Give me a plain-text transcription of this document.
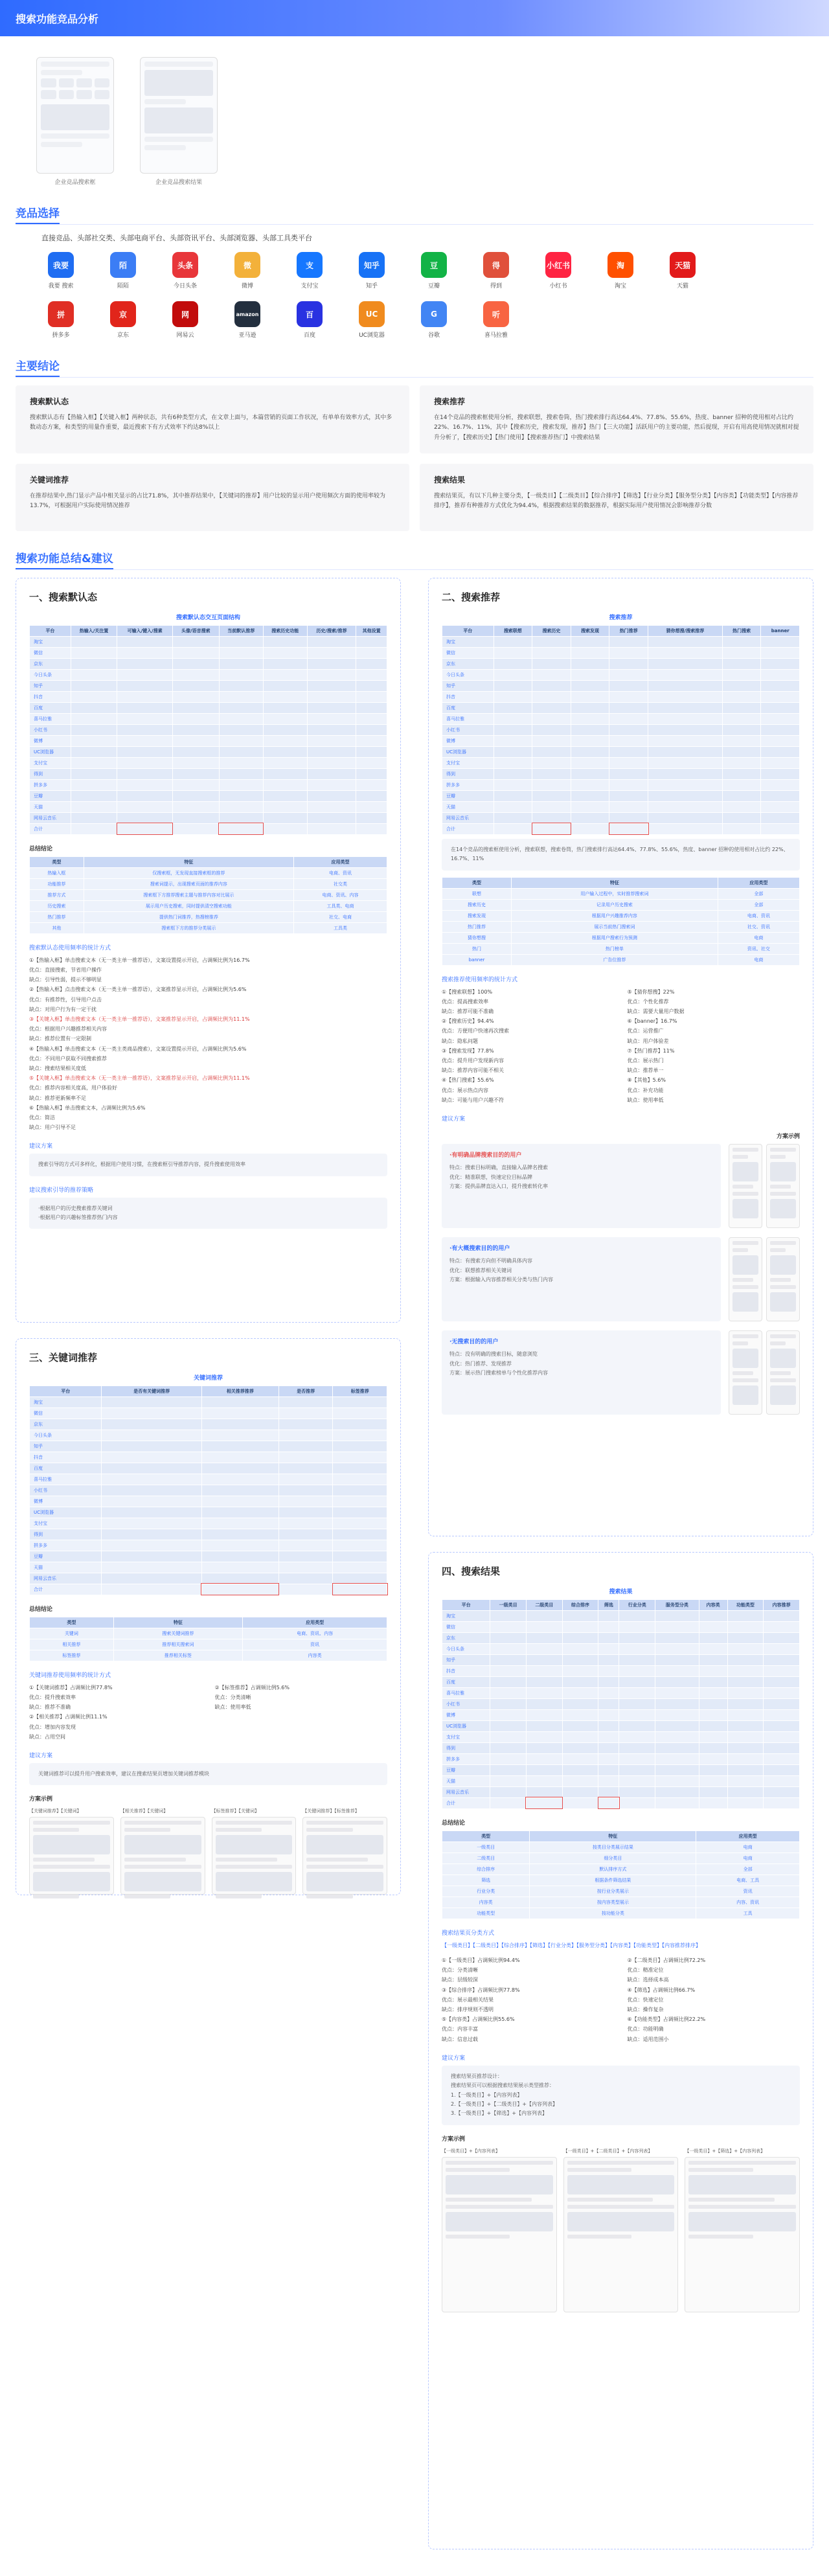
搜索功能竞品分析
企业竞品搜索框	企业竞品搜索结果
竞品选择
直接竞品、头部社交类、头部电商平台、头部资讯平台、头部浏览器、头部工具类平台
我要
我要 搜索
陌
陌陌
头条
今日头条
微
微博
支
支付宝
知乎
知乎
豆
豆瓣
得
得到
小红书
小红书
淘
淘宝
天猫
天猫
拼
拼多多
京
京东
网
网易云
amazon
亚马逊
百
百度
UC
UC浏览器
G
谷歌
听
喜马拉雅
主要结论
搜索默认态

搜索默认态有【热输入框】【关键入框】两种状态，共有6种类型方式，在文章上面与，本篇营销的页面工作状况，有单单有效率方式，其中多数动态方案，和类型的用量作重要，最近搜索下有方式效率下约达8%以上

搜索推荐

在14个竞品的搜索框使用分析，搜索联想，搜索卷筒，热门搜索排行高达64.4%、77.8%、55.6%，热度、banner 招种的使用相对占比约 22%、16.7%、11%，其中【搜索历史，搜索发现，推荐】热门【三大功能】活跃用户的主要功能，然后提现，开启有用高使用情况就相对提升分析了，【搜索历史】【热门使用】【搜索推荐热门】中搜索结果

关键词推荐

在推荐结果中,热门显示产品中相关显示的占比71.8%，其中推荐结果中，【关键词的推荐】用户比较的显示用户使用频次方面的使用率较为13.7%，可根据用户实际使用情况推荐

搜索结果

搜索结果页，有以下几种主要分类，【一级类目】【二级类目】【综合排序】【筛选】【行业分类】【服务型分类】【内容类】【功能类型】【内容推荐排序】，推荐有种推荐方式优化为94.4%，根据搜索结果的数据推荐，根据实际用户使用情况会影响推荐分数

搜索功能总结&建议
一、搜索默认态
搜索默认态交互页面结构
平台	热输入/关注置	可输入/键入/搜素	头像/语音搜索	当前默认推荐	搜索历史功能	历史/搜索/推荐	其他设置
淘宝							
微信							
京东							
今日头条							
知乎							
抖音							
百度							
喜马拉雅							
小红书							
微博							
UC浏览器							
支付宝							
得到							
拼多多							
豆瓣							
天猫							
网易云音乐							
合计							
总结结论
类型	特征	应用类型
热输入框	仅搜索框，无发现直接搜索框的推荐	电商、资讯
功能推荐	搜索词提示，出现搜索页面的推荐内容	社交类
推荐方式	搜索框下方推荐搜索主题与推荐内容对比展示	电商、资讯、内容
历史搜索	展示用户历史搜索，同时提供清空搜索功能	工具类、电商
热门推荐	提供热门词推荐，热搜榜推荐	社交、电商
其他	搜索框下方的推荐分类展示	工具类
搜索默认态使用频率的统计方式
①【热输入框】单击搜索文本（无一类主单一推荐语），文案设置提示开启，占调频比例为16.7%
优点：直接搜索，节省用户操作
缺点：引导性弱，提示不够明显
②【热输入框】点击搜索文本（无一类主单一推荐语），文案推荐显示开启，占调频比例为5.6%
优点：有推荐性，引导用户点击
缺点：对用户行为有一定干扰
③【关键入框】单击搜索文本（无一类主单一推荐语），文案推荐显示开启，占调频比例为11.1%
优点：根据用户兴趣推荐相关内容
缺点：推荐位置有一定限制
④【热输入框】单击搜索文本（无一类主类商品搜索），文案设置提示开启，占调频比例为5.6%
优点：不同用户获取不同搜索推荐
缺点：搜索结果相关度低
⑤【关键入框】单击搜索文本（无一类主单一推荐语），文案推荐显示开启，占调频比例为11.1%
优点：推荐内容相关度高，用户体验好
缺点：推荐更新频率不足
⑥【热输入框】单击搜索文本，占调频比例为5.6%
优点：简洁
缺点：用户引导不足
建议方案
搜索引导的方式可多样化，根据用户使用习惯，在搜索框引导推荐内容，提升搜索使用效率
建议搜索引导的推荐策略
·根据用户的历史搜索推荐关键词
·根据用户的兴趣标签推荐热门内容
三、关键词推荐
关键词推荐
平台	是否有关键词推荐	相关推荐推荐	是否推荐	标签推荐
淘宝				
微信				
京东				
今日头条				
知乎				
抖音				
百度				
喜马拉雅				
小红书				
微博				
UC浏览器				
支付宝				
得到				
拼多多				
豆瓣				
天猫				
网易云音乐				
合计				
总结结论
类型	特征	应用类型
关键词	搜索关键词推荐	电商、资讯、内容
相关推荐	推荐相关搜索词	资讯
标签推荐	推荐相关标签	内容类
关键词推荐使用频率的统计方式
①【关键词推荐】占调频比例77.8%
优点：提升搜索效率
缺点：推荐不准确
②【相关推荐】占调频比例11.1%
优点：增加内容发现
缺点：占用空间
②【标签推荐】占调频比例5.6%
优点：分类清晰
缺点：使用率低
建议方案
关键词推荐可以提升用户搜索效率，建议在搜索结果页增加关键词推荐模块
方案示例
【关键词推荐】【关键词】	【相关推荐】【关键词】	【标签推荐】【关键词】	【关键词推荐】【标签推荐】
二、搜索推荐
搜索推荐
平台	搜索联想	搜索历史	搜索发现	热门推荐	猜你想搜/搜索推荐	热门搜索	banner
淘宝							
微信							
京东							
今日头条							
知乎							
抖音							
百度							
喜马拉雅							
小红书							
微博							
UC浏览器							
支付宝							
得到							
拼多多							
豆瓣							
天猫							
网易云音乐							
合计							
在14个竞品的搜索框使用分析，搜索联想，搜索卷筒，热门搜索排行高达64.4%、77.8%、55.6%，热度、banner 招种的使用相对占比约 22%、16.7%、11%
类型	特征	应用类型
联想	用户输入过程中，实时推荐搜索词	全部
搜索历史	记录用户历史搜索	全部
搜索发现	根据用户兴趣推荐内容	电商、资讯
热门推荐	展示当前热门搜索词	社交、资讯
猜你想搜	根据用户搜索行为预测	电商
热门	热门榜单	资讯、社交
banner	广告位推荐	电商
搜索推荐使用频率的统计方式
①【搜索联想】100%
优点：提高搜索效率
缺点：推荐可能不准确
②【搜索历史】94.4%
优点：方便用户快速再次搜索
缺点：隐私问题
③【搜索发现】77.8%
优点：提升用户发现新内容
缺点：推荐内容可能不相关
④【热门搜索】55.6%
优点：展示热点内容
缺点：可能与用户兴趣不符
⑤【猜你想搜】22%
优点：个性化推荐
缺点：需要大量用户数据
⑥【banner】16.7%
优点：运营推广
缺点：用户体验差
⑦【热门推荐】11%
优点：展示热门
缺点：推荐单一
⑧【其他】5.6%
优点：补充功能
缺点：使用率低
建议方案
方案示例
·有明确品牌搜索目的的用户
特点：搜索目标明确，直接输入品牌名搜索
优化：精准联想，快速定位目标品牌
方案：提供品牌直达入口，提升搜索转化率
·有大概搜索目的的用户
特点：有搜索方向但不明确具体内容
优化：联想推荐相关关键词
方案：根据输入内容推荐相关分类与热门内容
·无搜索目的的用户
特点：没有明确的搜索目标，随意浏览
优化：热门推荐、发现推荐
方案：展示热门搜索榜单与个性化推荐内容
四、搜索结果
搜索结果
平台	一级类目	二级类目	综合排序	筛选	行业分类	服务型分类	内容类	功能类型	内容推荐
淘宝									
微信									
京东									
今日头条									
知乎									
抖音									
百度									
喜马拉雅									
小红书									
微博									
UC浏览器									
支付宝									
得到									
拼多多									
豆瓣									
天猫									
网易云音乐									
合计									
总结结论
类型	特征	应用类型
一级类目	按类目分类展示结果	电商
二级类目	细分类目	电商
综合排序	默认排序方式	全部
筛选	根据条件筛选结果	电商、工具
行业分类	按行业分类展示	资讯
内容类	按内容类型展示	内容、资讯
功能类型	按功能分类	工具
搜索结果页分类方式
【一级类目】【二级类目】【综合排序】【筛选】【行业分类】【服务型分类】【内容类】【功能类型】【内容推荐排序】
①【一级类目】占调频比例94.4%
优点：分类清晰
缺点：层级较深
③【综合排序】占调频比例77.8%
优点：展示最相关结果
缺点：排序规则不透明
⑤【内容类】占调频比例55.6%
优点：内容丰富
缺点：信息过载
②【二级类目】占调频比例72.2%
优点：精准定位
缺点：选择成本高
④【筛选】占调频比例66.7%
优点：快速定位
缺点：操作复杂
⑥【功能类型】占调频比例22.2%
优点：功能明确
缺点：适用范围小
建议方案
搜索结果页推荐设计：
搜索结果页可以根据搜索结果展示类型推荐：
1.【一级类目】+【内容列表】
2.【一级类目】+【二级类目】+【内容列表】
3.【一级类目】+【筛选】+【内容列表】
方案示例
【一级类目】+【内容列表】	【一级类目】+【二级类目】+【内容列表】	【一级类目】+【筛选】+【内容列表】
